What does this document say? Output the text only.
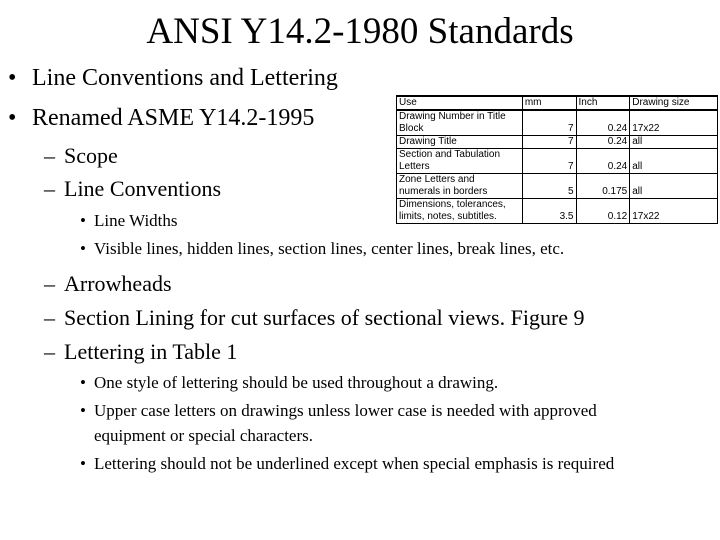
ANSI Y14.2-1980 Standards
• Line Conventions and Lettering
• Renamed ASME Y14.2-1995
– Scope
– Line Conventions
• Line Widths
• Visible lines, hidden lines, section lines, center lines, break lines, etc.
– Arrowheads
– Section Lining for cut surfaces of sectional views. Figure 9
– Lettering in Table 1
• One style of lettering should be used throughout a drawing.
• Upper case letters on drawings unless lower case is needed with approved
equipment or special characters.
• Lettering should not be underlined except when special emphasis is required
Use	mm	Inch	Drawing size
Drawing Number in Title			
Block	7	0.24	17x22
Drawing Title	7	0.24	all
Section and Tabulation			
Letters	7	0.24	all
Zone Letters and			
numerals in borders	5	0.175	all
Dimensions, tolerances,			
limits, notes, subtitles.	3.5	0.12	17x22
